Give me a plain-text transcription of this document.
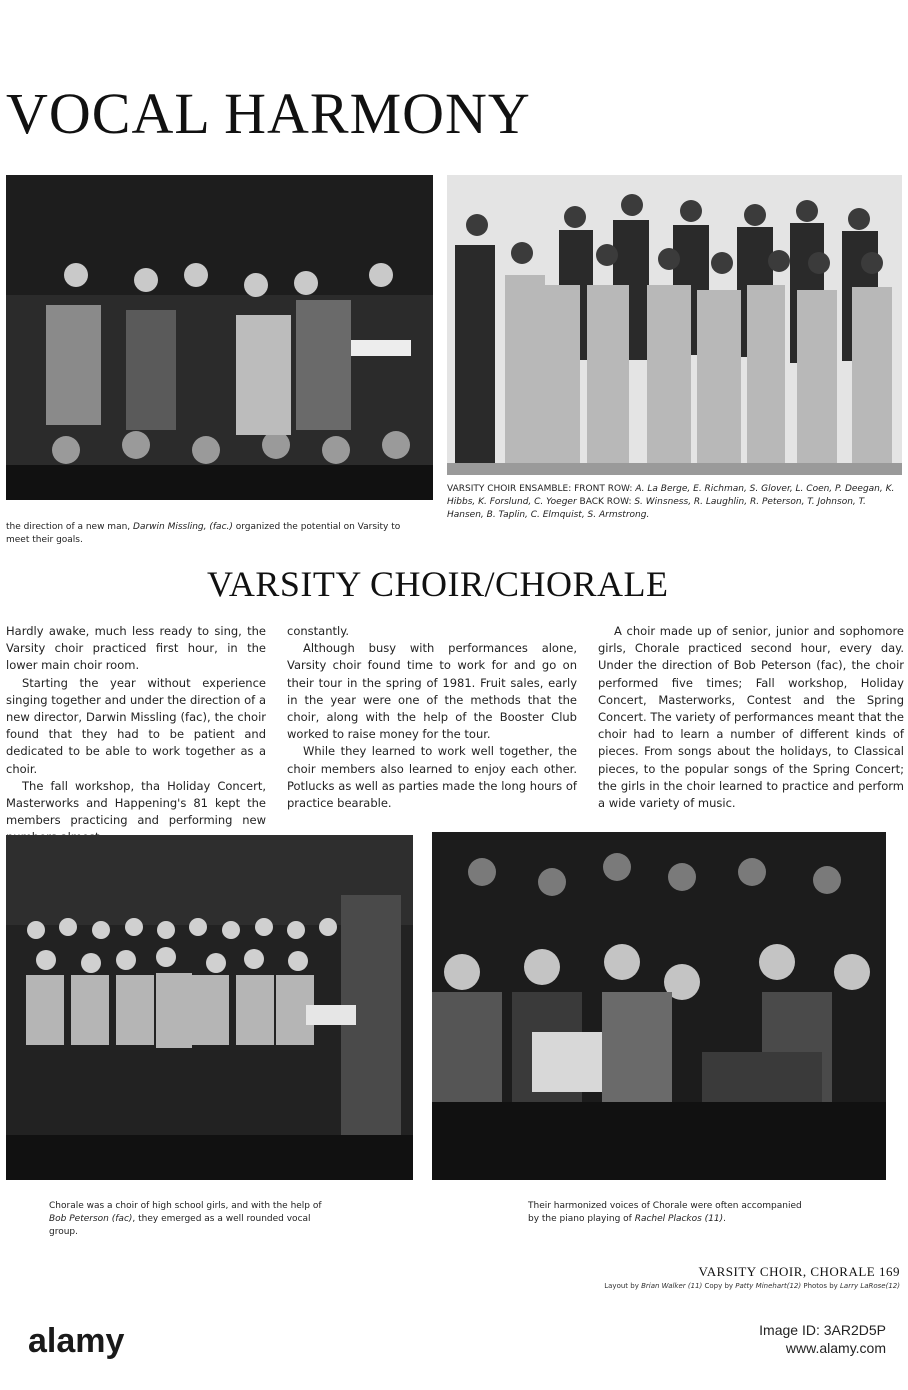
VOCAL HARMONY

the direction of a new man, Darwin Missling, (fac.) organized the potential on Varsity to meet their goals.

VARSITY CHOIR ENSAMBLE: FRONT ROW: A. La Berge, E. Richman, S. Glover, L. Coen, P. Deegan, K. Hibbs, K. Forslund, C. Yoeger BACK ROW: S. Winsness, R. Laughlin, R. Peterson, T. Johnson, T. Hansen, B. Taplin, C. Elmquist, S. Armstrong.

VARSITY CHOIR/CHORALE

Hardly awake, much less ready to sing, the Varsity choir practiced first hour, in the lower main choir room.

Starting the year without experience singing together and under the direction of a new director, Darwin Missling (fac), the choir found that they had to be patient and dedicated to be able to work together as a choir.

The fall workshop, tha Holiday Concert, Masterworks and Happening's 81 kept the members practicing and performing new

constantly.

Although busy with performances alone, Varsity choir found time to work for and go on their tour in the spring of 1981. Fruit sales, early in the year were one of the methods that the choir, along with the help of the Booster Club worked to raise money for the tour.

While they learned to work well together, the choir members also learned to enjoy each other. Potlucks as well as parties made the long hours of practice bearable.

A choir made up of senior, junior and sophomore girls, Chorale practiced second hour, every day. Under the direction of Bob Peterson (fac), the choir performed five times; Fall workshop, Holiday Concert, Masterworks, Contest and the Spring Concert. The variety of performances meant that the choir had to learn a number of different kinds of pieces. From songs about the holidays, to Classical pieces, to the popular songs of the Spring Concert; the girls in the choir learned to practice and perform a wide variety of music.

Chorale was a choir of high school girls, and with the help of Bob Peterson (fac), they emerged as a well rounded vocal group.

Their harmonized voices of Chorale were often accompanied by the piano playing of Rachel Plackos (11).

VARSITY CHOIR, CHORALE 169
Layout by Brian Walker (11) Copy by Patty Minehart(12) Photos by Larry LaRose(12)
alamy	Image ID: 3AR2D5P
www.alamy.com
